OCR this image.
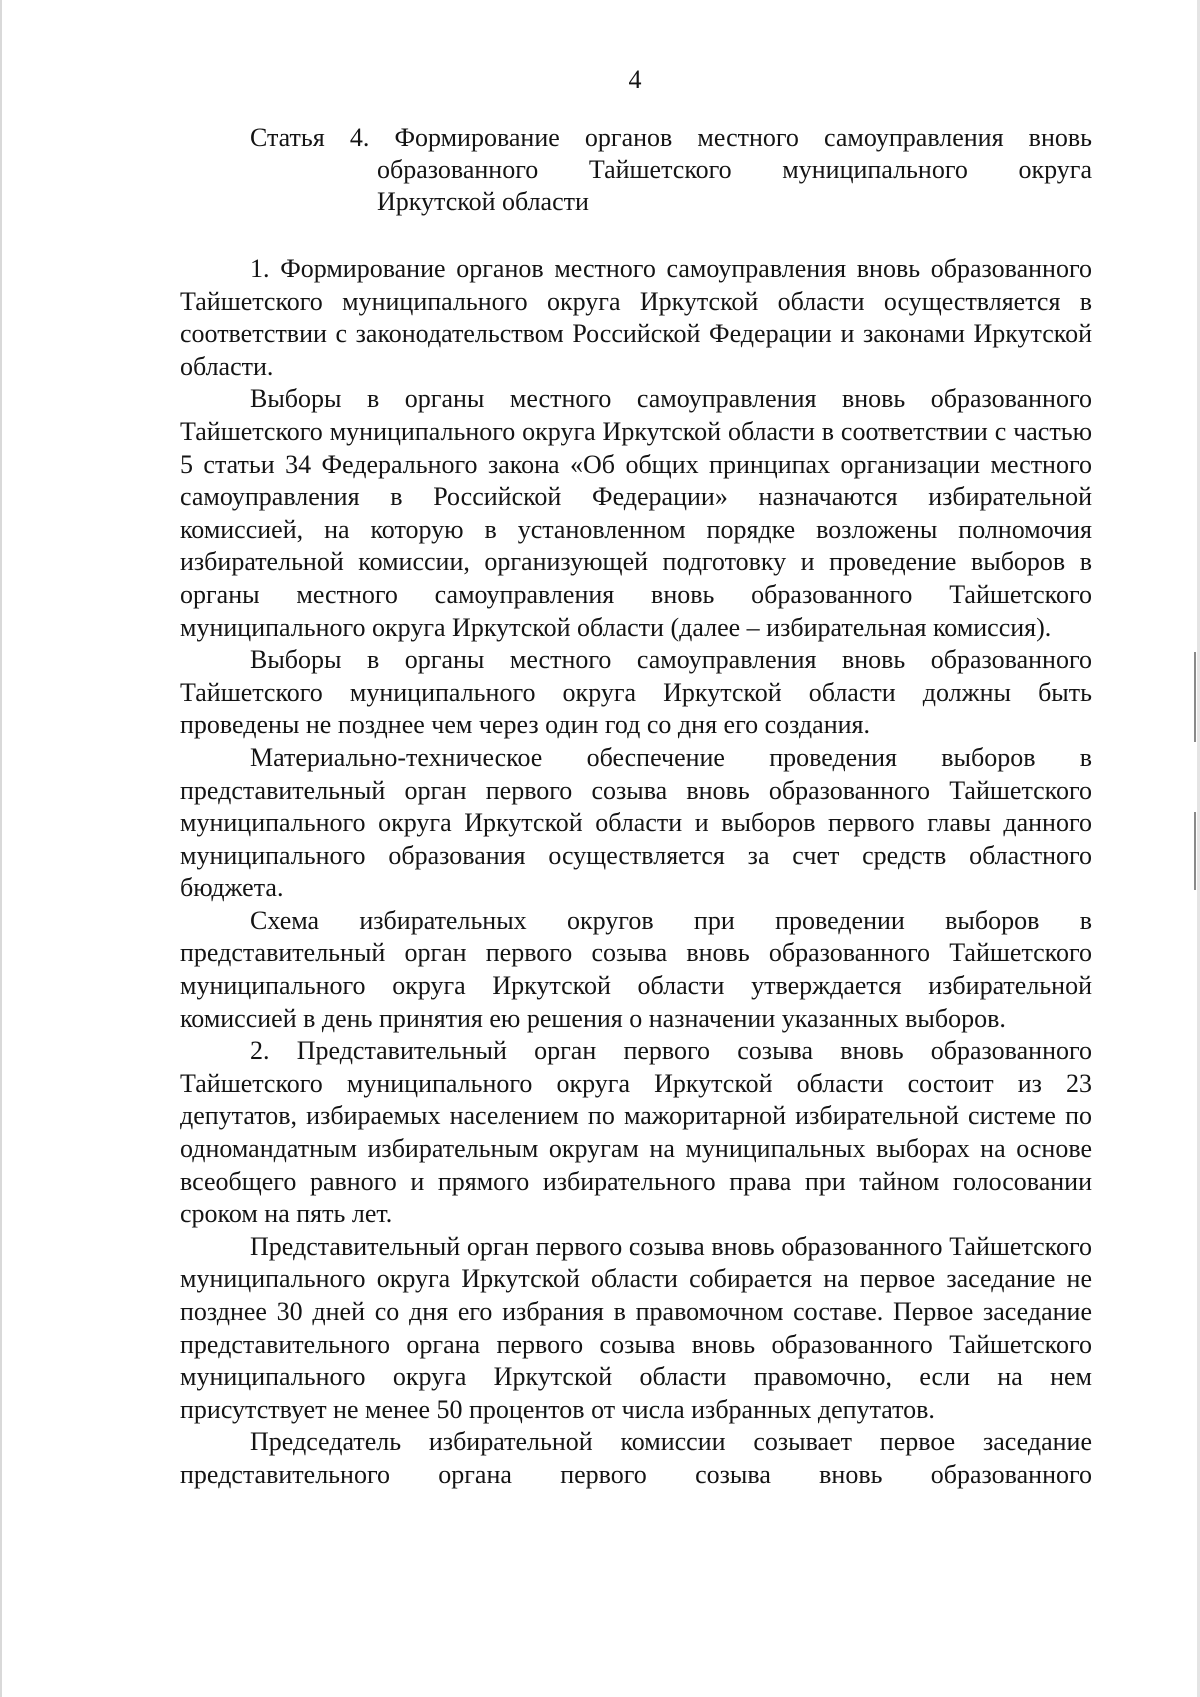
4
Статья 4. Формирование органов местного самоуправления вновь
образованного Тайшетского муниципального округа
Иркутской области

1. Формирование органов местного самоуправления вновь образованного Тайшетского муниципального округа Иркутской области осуществляется в соответствии с законодательством Российской Федерации и законами Иркутской области.

Выборы в органы местного самоуправления вновь образованного Тайшетского муниципального округа Иркутской области в соответствии с частью 5 статьи 34 Федерального закона «Об общих принципах организации местного самоуправления в Российской Федерации» назначаются избирательной комиссией, на которую в установленном порядке возложены полномочия избирательной комиссии, организующей подготовку и проведение выборов в органы местного самоуправления вновь образованного Тайшетского муниципального округа Иркутской области (далее – избирательная комиссия).

Выборы в органы местного самоуправления вновь образованного Тайшетского муниципального округа Иркутской области должны быть проведены не позднее чем через один год со дня его создания.

Материально-техническое обеспечение проведения выборов в представительный орган первого созыва вновь образованного Тайшетского муниципального округа Иркутской области и выборов первого главы данного муниципального образования осуществляется за счет средств областного бюджета.

Схема избирательных округов при проведении выборов в представительный орган первого созыва вновь образованного Тайшетского муниципального округа Иркутской области утверждается избирательной комиссией в день принятия ею решения о назначении указанных выборов.

2. Представительный орган первого созыва вновь образованного Тайшетского муниципального округа Иркутской области состоит из 23 депутатов, избираемых населением по мажоритарной избирательной системе по одномандатным избирательным округам на муниципальных выборах на основе всеобщего равного и прямого избирательного права при тайном голосовании сроком на пять лет.

Представительный орган первого созыва вновь образованного Тайшетского муниципального округа Иркутской области собирается на первое заседание не позднее 30 дней со дня его избрания в правомочном составе. Первое заседание представительного органа первого созыва вновь образованного Тайшетского муниципального округа Иркутской области правомочно, если на нем присутствует не менее 50 процентов от числа избранных депутатов.

Председатель избирательной комиссии созывает первое заседание представительного органа первого созыва вновь образованного
